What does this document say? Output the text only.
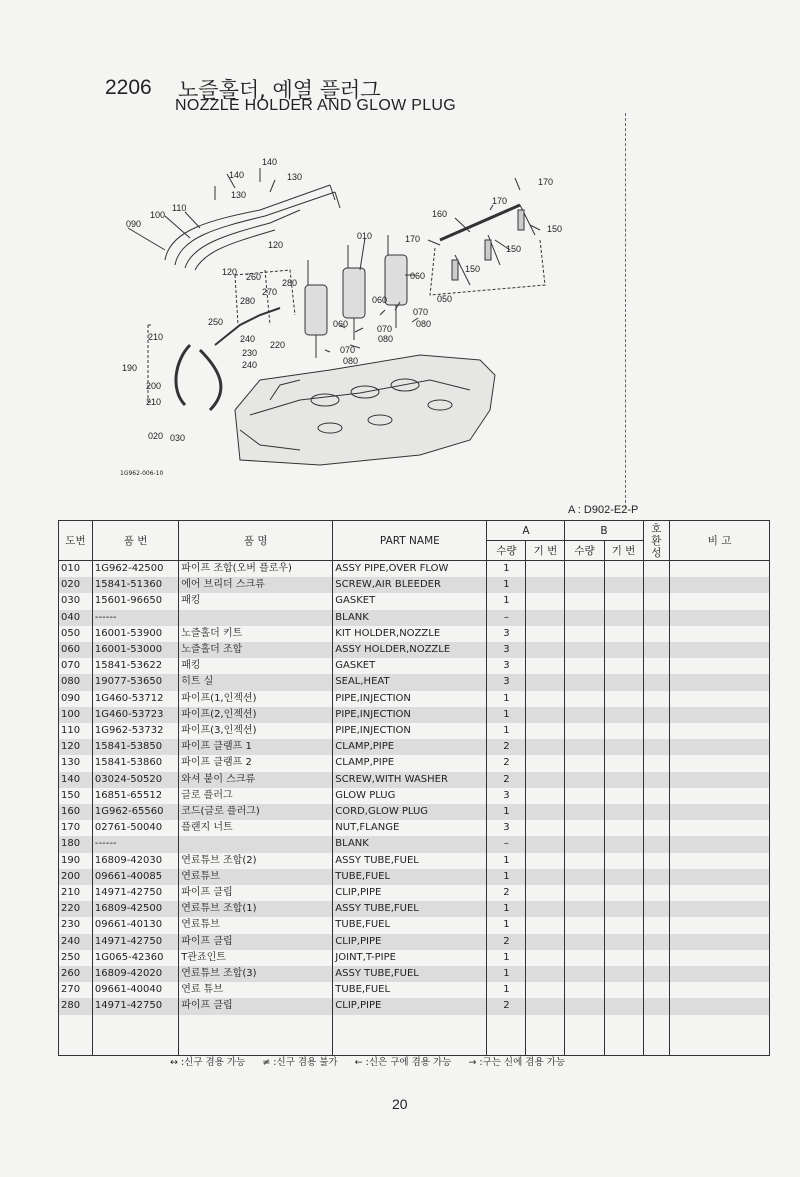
2206 노즐홀더, 예열 플러그
NOZZLE HOLDER AND GLOW PLUG
140
140	130
130
110
100
090
120
120 260
280
270
280
250
210
220
240
230
240
190
200
210
020 030
010
060
060
060
050
070
080
070
080
070
080
170
170
160
170
150
150
150
1G962-006-10
A : D902-E2-P
도번	품 번	품 명	PART NAME	A		B		호
환
성	비 고
				수량	기 번	수량	기 번		
010	1G962-42500	파이프 조합(오버 플로우)	ASSY PIPE,OVER FLOW	1					
020	15841-51360	에어 브리더 스크류	SCREW,AIR BLEEDER	1					
030	15601-96650	패킹	GASKET	1					
040	------		BLANK	–					
050	16001-53900	노즐홀더 키트	KIT HOLDER,NOZZLE	3					
060	16001-53000	노즐홀더 조합	ASSY HOLDER,NOZZLE	3					
070	15841-53622	패킹	GASKET	3					
080	19077-53650	히트 실	SEAL,HEAT	3					
090	1G460-53712	파이프(1,인젝션)	PIPE,INJECTION	1					
100	1G460-53723	파이프(2,인젝션)	PIPE,INJECTION	1					
110	1G962-53732	파이프(3,인젝션)	PIPE,INJECTION	1					
120	15841-53850	파이프 클램프 1	CLAMP,PIPE	2					
130	15841-53860	파이프 클램프 2	CLAMP,PIPE	2					
140	03024-50520	와셔 붙이 스크류	SCREW,WITH WASHER	2					
150	16851-65512	글로 플러그	GLOW PLUG	3					
160	1G962-65560	코드(글로 플러그)	CORD,GLOW PLUG	1					
170	02761-50040	플랜지 너트	NUT,FLANGE	3					
180	------		BLANK	–					
190	16809-42030	연료튜브 조합(2)	ASSY TUBE,FUEL	1					
200	09661-40085	연료튜브	TUBE,FUEL	1					
210	14971-42750	파이프 클립	CLIP,PIPE	2					
220	16809-42500	연료튜브 조합(1)	ASSY TUBE,FUEL	1					
230	09661-40130	연료튜브	TUBE,FUEL	1					
240	14971-42750	파이프 클립	CLIP,PIPE	2					
250	1G065-42360	T관죠인트	JOINT,T-PIPE	1					
260	16809-42020	연료튜브 조합(3)	ASSY TUBE,FUEL	1					
270	09661-40040	연료 튜브	TUBE,FUEL	1					
280	14971-42750	파이프 클립	CLIP,PIPE	2					

↔ :신구 겸용 가능 ≠ :신구 겸용 불가 ← :신은 구에 겸용 가능 → :구는 신에 겸용 가능
20
